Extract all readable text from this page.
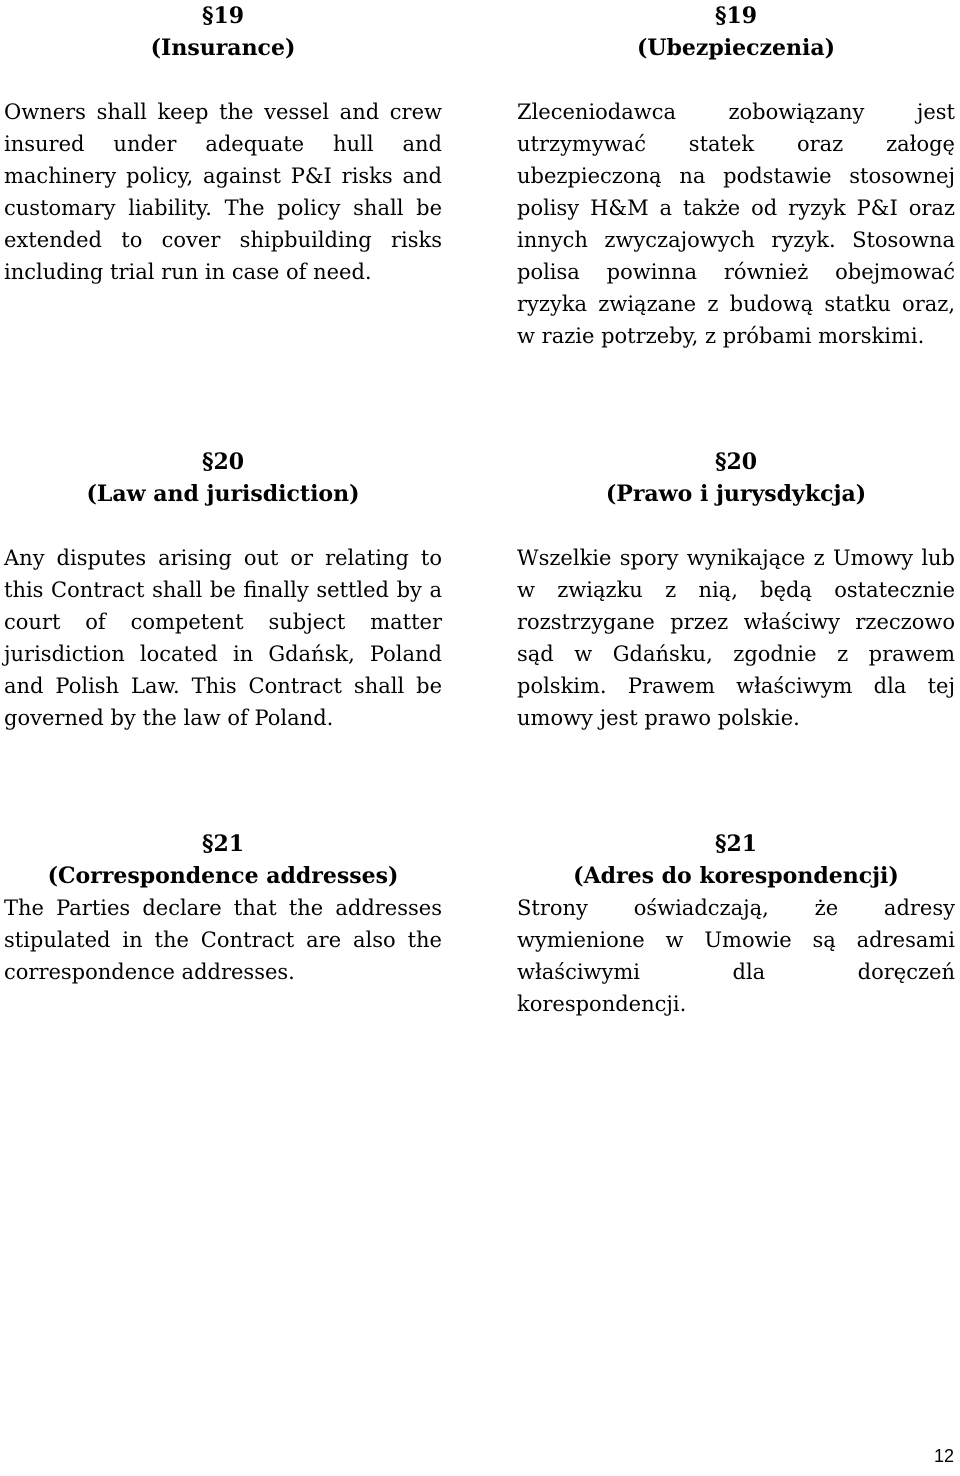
§19
(Insurance)

Owners shall keep the vessel and crew insured under adequate hull and machinery policy, against P&I risks and customary liability. The policy shall be extended to cover shipbuilding risks including trial run in case of need.

§19
(Ubezpieczenia)

Zleceniodawca zobowiązany jest utrzymywać statek oraz załogę ubezpieczoną na podstawie stosownej polisy H&M a także od ryzyk P&I oraz innych zwyczajowych ryzyk. Stosowna polisa powinna również obejmować ryzyka związane z budową statku oraz, w razie potrzeby, z próbami morskimi.

§20
(Law and jurisdiction)

Any disputes arising out or relating to this Contract shall be finally settled by a court of competent subject matter jurisdiction located in Gdańsk, Poland and Polish Law. This Contract shall be governed by the law of Poland.

§20
(Prawo i jurysdykcja)

Wszelkie spory wynikające z Umowy lub w związku z nią, będą ostatecznie rozstrzygane przez właściwy rzeczowo sąd w Gdańsku, zgodnie z prawem polskim. Prawem właściwym dla tej umowy jest prawo polskie.

§21
(Correspondence addresses)

The Parties declare that the addresses stipulated in the Contract are also the correspondence addresses.

§21
(Adres do korespondencji)

Strony oświadczają, że adresy wymienione w Umowie są adresami właściwymi dla doręczeń korespondencji.

12
